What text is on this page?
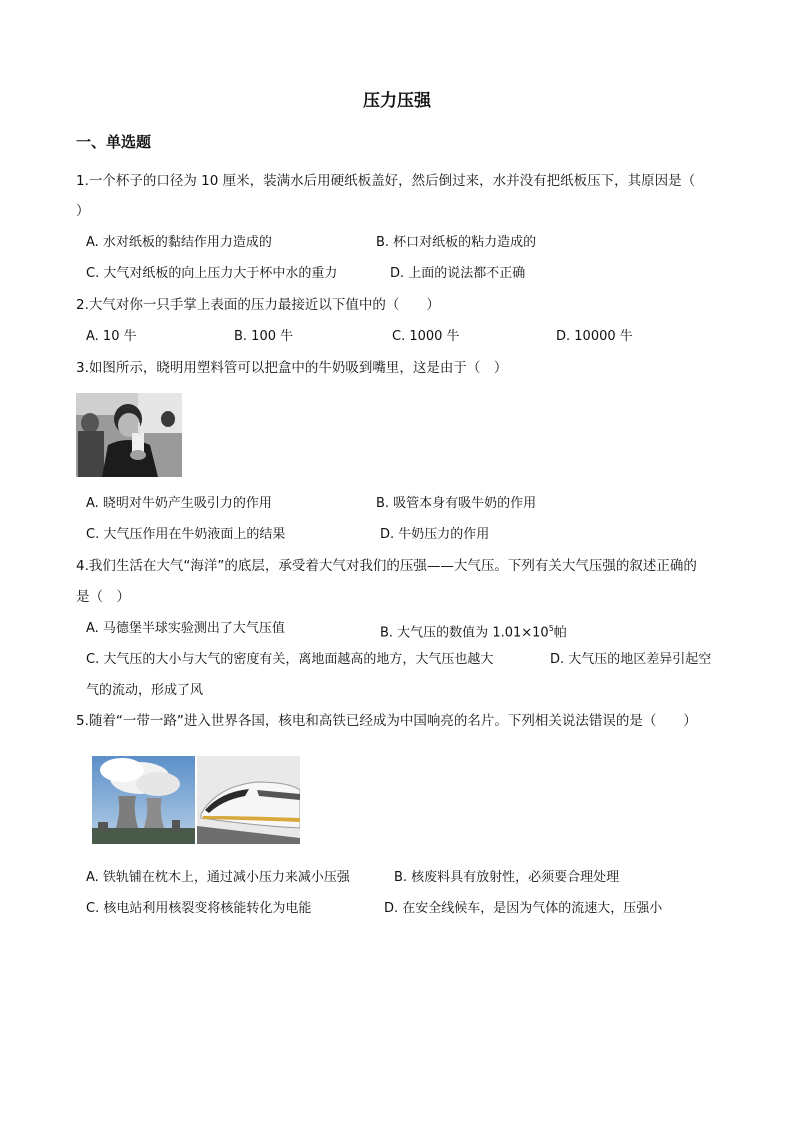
压力压强
一、单选题
1.一个杯子的口径为 10 厘米，装满水后用硬纸板盖好，然后倒过来，水并没有把纸板压下，其原因是（
）
A. 水对纸板的黏结作用力造成的	B. 杯口对纸板的粘力造成的
C. 大气对纸板的向上压力大于杯中水的重力	D. 上面的说法都不正确
2.大气对你一只手掌上表面的压力最接近以下值中的（　　）
A. 10 牛	B. 100 牛	C. 1000 牛	D. 10000 牛
3.如图所示，晓明用塑料管可以把盒中的牛奶吸到嘴里，这是由于（　）
A. 晓明对牛奶产生吸引力的作用	B. 吸管本身有吸牛奶的作用
C. 大气压作用在牛奶液面上的结果	D. 牛奶压力的作用
4.我们生活在大气“海洋”的底层，承受着大气对我们的压强——大气压。下列有关大气压强的叙述正确的
是（　）
A. 马德堡半球实验测出了大气压值	B. 大气压的数值为 $1.01\times 10^5$帕
C. 大气压的大小与大气的密度有关，离地面越高的地方，大气压也越大	D. 大气压的地区差异引起空
气的流动，形成了风
5.随着“一带一路”进入世界各国，核电和高铁已经成为中国响亮的名片。下列相关说法错误的是（　　）
A. 铁轨铺在枕木上，通过减小压力来减小压强	B. 核废料具有放射性，必须要合理处理
C. 核电站利用核裂变将核能转化为电能	D. 在安全线候车，是因为气体的流速大，压强小
